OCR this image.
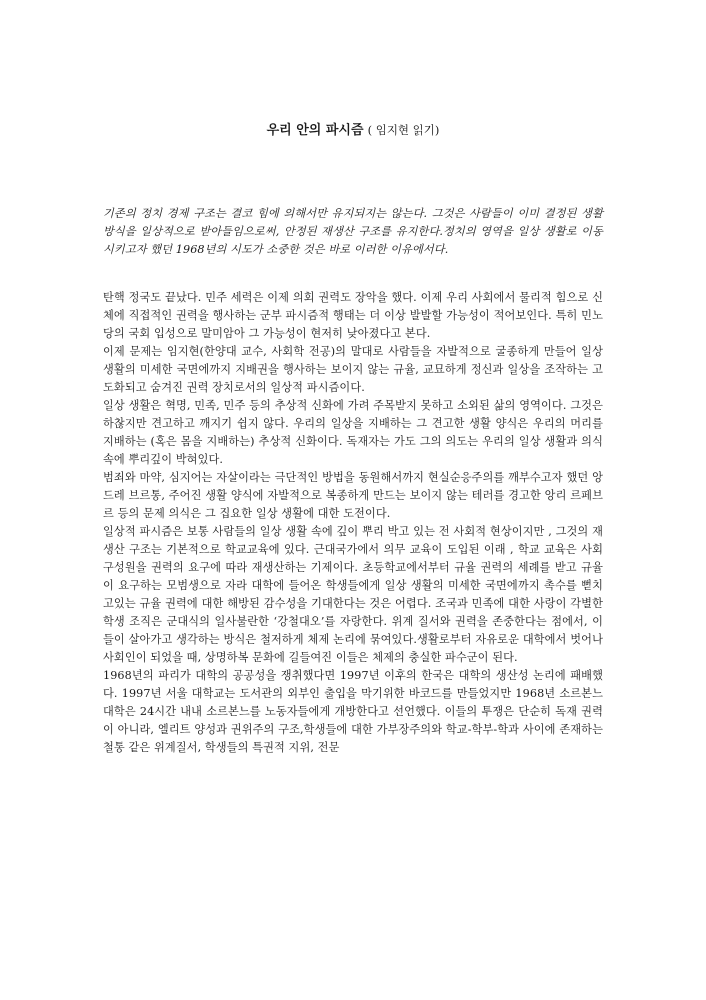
우리 안의 파시즘 ( 임지현 읽기)

기존의 정치 경제 구조는 결코 힘에 의해서만 유지되지는 않는다. 그것은 사람들이 이미 결정된 생활 방식을 일상적으로 받아들임으로써, 안정된 재생산 구조를 유지한다.정치의 영역을 일상 생활로 이동시키고자 했던 1968년의 시도가 소중한 것은 바로 이러한 이유에서다.

탄핵 정국도 끝났다. 민주 세력은 이제 의회 권력도 장악을 했다. 이제 우리 사회에서 물리적 힘으로 신체에 직접적인 권력을 행사하는 군부 파시즘적 행태는 더 이상 발발할 가능성이 적어보인다. 특히 민노당의 국회 입성으로 말미암아 그 가능성이 현저히 낮아졌다고 본다.

이제 문제는 임지현(한양대 교수, 사회학 전공)의 말대로 사람들을 자발적으로 굴종하게 만들어 일상 생활의 미세한 국면에까지 지배권을 행사하는 보이지 않는 규율, 교묘하게 정신과 일상을 조작하는 고도화되고 숨겨진 권력 장치로서의 일상적 파시즘이다.

일상 생활은 혁명, 민족, 민주 등의 추상적 신화에 가려 주목받지 못하고 소외된 삶의 영역이다. 그것은 하찮지만 견고하고 깨지기 쉽지 않다. 우리의 일상을 지배하는 그 견고한 생활 양식은 우리의 머리를 지배하는 (혹은 몸을 지배하는) 추상적 신화이다. 독재자는 가도 그의 의도는 우리의 일상 생활과 의식 속에 뿌리깊이 박혀있다.

범죄와 마약, 심지어는 자살이라는 극단적인 방법을 동원해서까지 현실순응주의를 깨부수고자 했던 앙드레 브르통, 주어진 생활 양식에 자발적으로 복종하게 만드는 보이지 않는 테러를 경고한 앙리 르페브르 등의 문제 의식은 그 집요한 일상 생활에 대한 도전이다.

일상적 파시즘은 보통 사람들의 일상 생활 속에 깊이 뿌리 박고 있는 전 사회적 현상이지만 , 그것의 재생산 구조는 기본적으로 학교교육에 있다. 근대국가에서 의무 교육이 도입된 이래 , 학교 교육은 사회 구성원을 권력의 요구에 따라 재생산하는 기제이다. 초등학교에서부터 규율 권력의 세례를 받고 규율이 요구하는 모범생으로 자라 대학에 들어온 학생들에게 일상 생활의 미세한 국면에까지 촉수를 뻗치고있는 규율 권력에 대한 해방된 감수성을 기대한다는 것은 어렵다. 조국과 민족에 대한 사랑이 각별한 학생 조직은 군대식의 일사불란한 ‘강철대오’를 자랑한다. 위계 질서와 권력을 존중한다는 점에서, 이들이 살아가고 생각하는 방식은 철저하게 체제 논리에 묶여있다.생활로부터 자유로운 대학에서 벗어나 사회인이 되었을 때, 상명하복 문화에 길들여진 이들은 체제의 충실한 파수군이 된다.

1968년의 파리가 대학의 공공성을 쟁취했다면 1997년 이후의 한국은 대학의 생산성 논리에 패배했다. 1997년 서울 대학교는 도서관의 외부인 출입을 막기위한 바코드를 만들었지만 1968년 소르본느 대학은 24시간 내내 소르본느를 노동자들에게 개방한다고 선언했다. 이들의 투쟁은 단순히 독재 권력이 아니라, 엘리트 양성과 권위주의 구조,학생들에 대한 가부장주의와 학교-학부-학과 사이에 존재하는 철통 같은 위계질서, 학생들의 특권적 지위, 전문
